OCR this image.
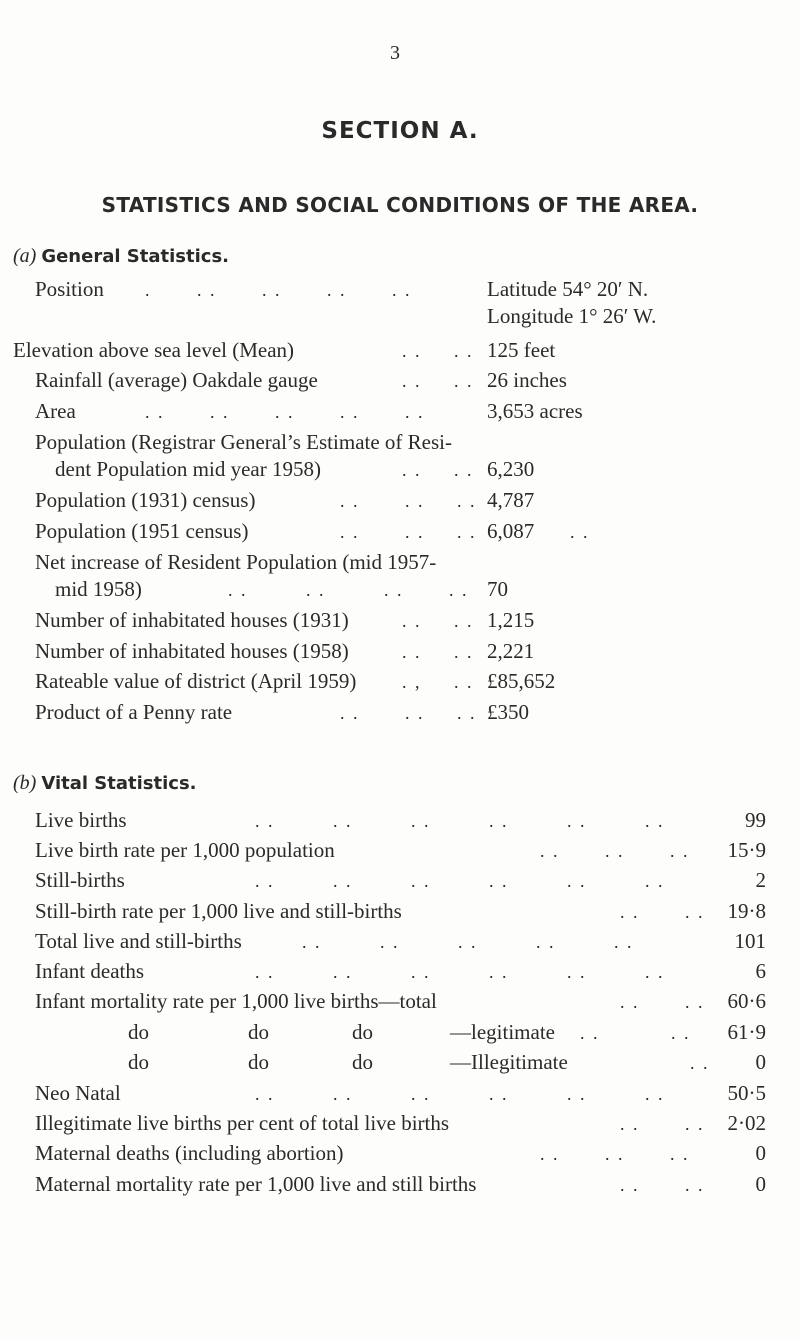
3
SECTION A.
STATISTICS AND SOCIAL CONDITIONS OF THE AREA.
(a) General Statistics.
Position .       . .       . .       . .       . .	Latitude 54° 20′ N.
Longitude 1° 26′ W.
Elevation above sea level (Mean)	. .     . . 125 feet
Rainfall (average) Oakdale gauge	. .     . . 26 inches
Area	. .       . .       . .       . .       . .	3,653 acres
Population (Registrar General’s Estimate of Resi-
dent Population mid year 1958)	. .     . . 6,230
Population (1931) census)	. .       . .     . . 4,787
Population (1951 census)	. .       . .     . . 6,087 . .
Net increase of Resident Population (mid 1957-
mid 1958)	. .         . .         . .       . . 70
Number of inhabitated houses (1931)	. .     . . 1,215
Number of inhabitated houses (1958)	. .     . . 2,221
Rateable value of district (April 1959)	. ,     . . £85,652
Product of a Penny rate	. .       . .     . . £350
(b) Vital Statistics.
Live births	. .         . .         . .         . .         . .         . .	99
Live birth rate per 1,000 population	. .       . .       . .	15·9
Still-births	. .         . .         . .         . .         . .         . .	2
Still-birth rate per 1,000 live and still-births	. .       . .	19·8
Total live and still-births	. .         . .         . .         . .         . .	101
Infant deaths	. .         . .         . .         . .         . .         . .	6
Infant mortality rate per 1,000 live births—total	. .       . .	60·6
do	do	do	—legitimate . .           . .	61·9
do	do	do	—Illegitimate	. .	0
Neo Natal	. .         . .         . .         . .         . .         . .	50·5
Illegitimate live births per cent of total live births	. .       . .	2·02
Maternal deaths (including abortion)	. .       . .       . .	0
Maternal mortality rate per 1,000 live and still births	. .       . .	0
